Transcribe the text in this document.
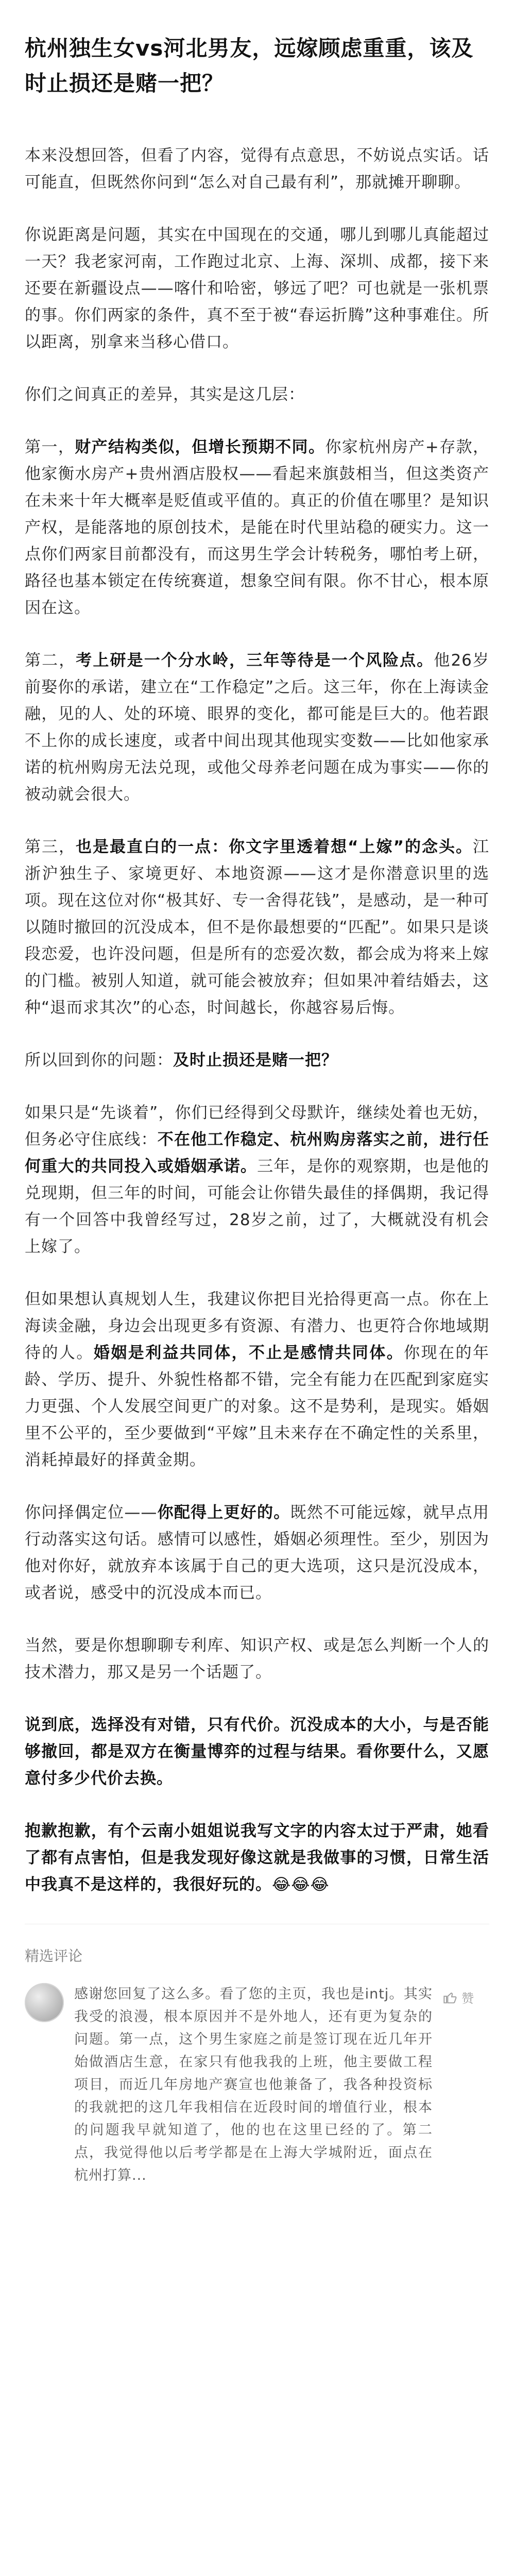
杭州独生女vs河北男友，远嫁顾虑重重，该及时止损还是赌一把？

本来没想回答，但看了内容，觉得有点意思，不妨说点实话。话可能直，但既然你问到“怎么对自己最有利”，那就摊开聊聊。

你说距离是问题，其实在中国现在的交通，哪儿到哪儿真能超过一天？我老家河南，工作跑过北京、上海、深圳、成都，接下来还要在新疆设点——喀什和哈密，够远了吧？可也就是一张机票的事。你们两家的条件，真不至于被“春运折腾”这种事难住。所以距离，别拿来当移心借口。

你们之间真正的差异，其实是这几层：

第一，财产结构类似，但增长预期不同。你家杭州房产+存款，他家衡水房产+贵州酒店股权——看起来旗鼓相当，但这类资产在未来十年大概率是贬值或平值的。真正的价值在哪里？是知识产权，是能落地的原创技术，是能在时代里站稳的硬实力。这一点你们两家目前都没有，而这男生学会计转税务，哪怕考上研，路径也基本锁定在传统赛道，想象空间有限。你不甘心，根本原因在这。

第二，考上研是一个分水岭，三年等待是一个风险点。他26岁前娶你的承诺，建立在“工作稳定”之后。这三年，你在上海读金融，见的人、处的环境、眼界的变化，都可能是巨大的。他若跟不上你的成长速度，或者中间出现其他现实变数——比如他家承诺的杭州购房无法兑现，或他父母养老问题在成为事实——你的被动就会很大。

第三，也是最直白的一点：你文字里透着想“上嫁”的念头。江浙沪独生子、家境更好、本地资源——这才是你潜意识里的选项。现在这位对你“极其好、专一舍得花钱”，是感动，是一种可以随时撤回的沉没成本，但不是你最想要的“匹配”。如果只是谈段恋爱，也许没问题，但是所有的恋爱次数，都会成为将来上嫁的门槛。被别人知道，就可能会被放弃；但如果冲着结婚去，这种“退而求其次”的心态，时间越长，你越容易后悔。

所以回到你的问题：及时止损还是赌一把？

如果只是“先谈着”，你们已经得到父母默许，继续处着也无妨，但务必守住底线：不在他工作稳定、杭州购房落实之前，进行任何重大的共同投入或婚姻承诺。三年，是你的观察期，也是他的兑现期，但三年的时间，可能会让你错失最佳的择偶期，我记得有一个回答中我曾经写过，28岁之前，过了，大概就没有机会上嫁了。

但如果想认真规划人生，我建议你把目光拾得更高一点。你在上海读金融，身边会出现更多有资源、有潜力、也更符合你地域期待的人。婚姻是利益共同体，不止是感情共同体。你现在的年龄、学历、提升、外貌性格都不错，完全有能力在匹配到家庭实力更强、个人发展空间更广的对象。这不是势利，是现实。婚姻里不公平的，至少要做到“平嫁”且未来存在不确定性的关系里，消耗掉最好的择黄金期。

你问择偶定位——你配得上更好的。既然不可能远嫁，就早点用行动落实这句话。感情可以感性，婚姻必须理性。至少，别因为他对你好，就放弃本该属于自己的更大选项，这只是沉没成本，或者说，感受中的沉没成本而已。

当然，要是你想聊聊专利库、知识产权、或是怎么判断一个人的技术潜力，那又是另一个话题了。

说到底，选择没有对错，只有代价。沉没成本的大小，与是否能够撤回，都是双方在衡量博弈的过程与结果。看你要什么，又愿意付多少代价去换。

抱歉抱歉，有个云南小姐姐说我写文字的内容太过于严肃，她看了都有点害怕，但是我发现好像这就是我做事的习惯，日常生活中我真不是这样的，我很好玩的。😂😂😂

精选评论
感谢您回复了这么多。看了您的主页，我也是intj。其实我受的浪漫，根本原因并不是外地人，还有更为复杂的问题。第一点，这个男生家庭之前是签订现在近几年开始做酒店生意，在家只有他我我的上班，他主要做工程项目，而近几年房地产赛宣也他兼备了，我各种投资标的我就把的这几年我相信在近段时间的增值行业，根本的问题我早就知道了，他的也在这里已经的了。第二点，我觉得他以后考学都是在上海大学城附近，面点在杭州打算...
赞
